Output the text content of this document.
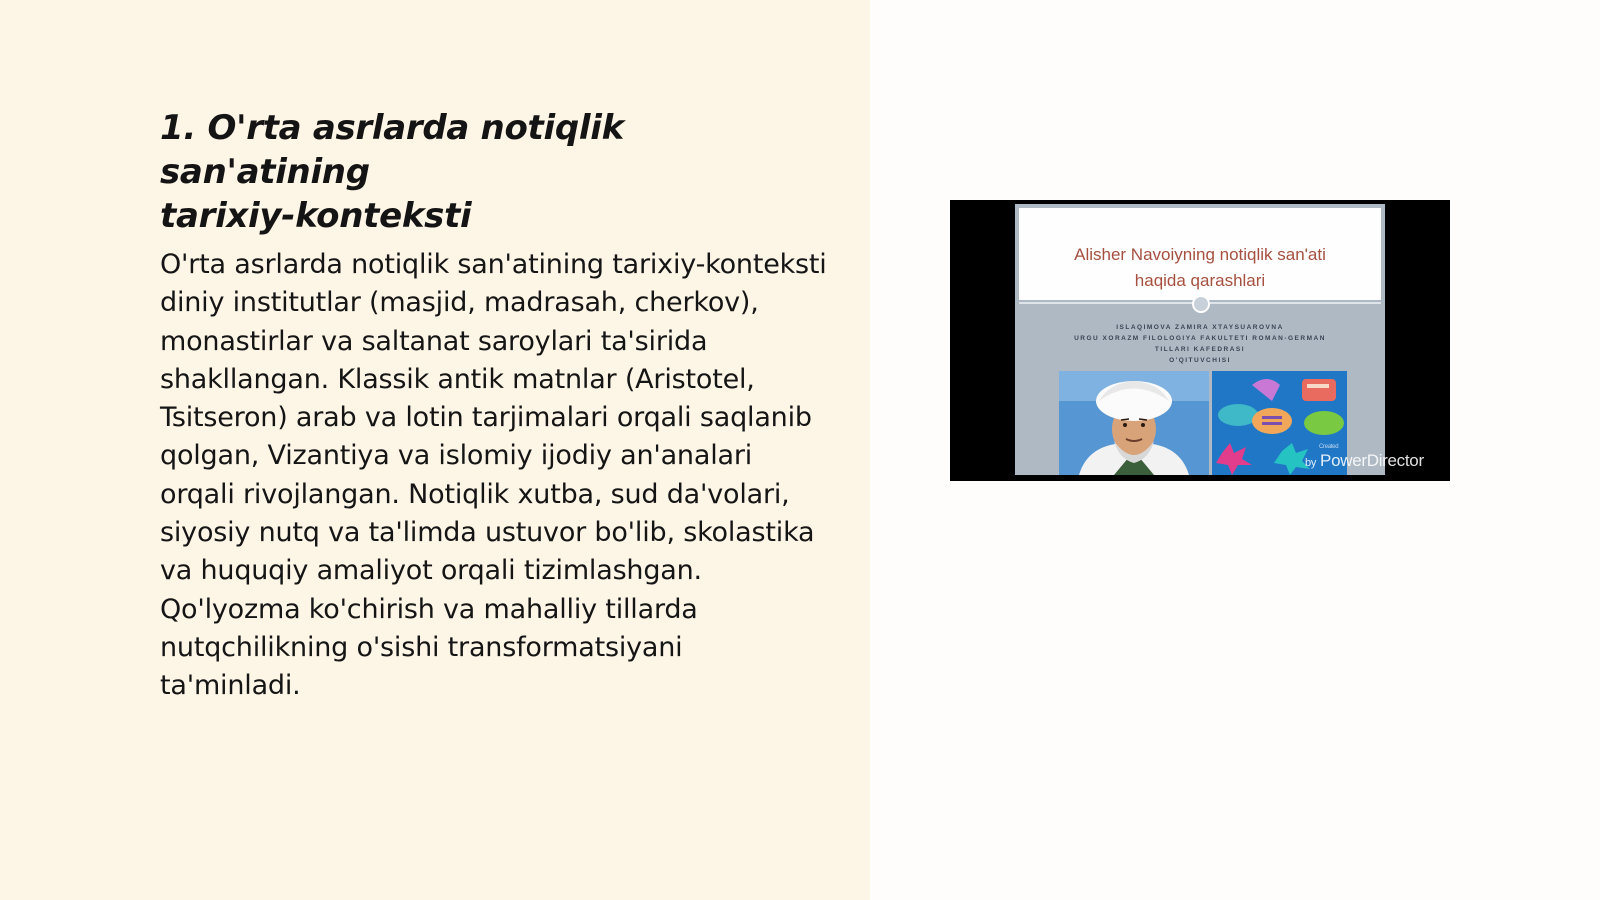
1. O'rta asrlarda notiqlik san'atining
tarixiy-konteksti

O'rta asrlarda notiqlik san'atining tarixiy-konteksti diniy institutlar (masjid, madrasah, cherkov), monastirlar va saltanat saroylari ta'sirida shakllangan. Klassik antik matnlar (Aristotel, Tsitseron) arab va lotin tarjimalari orqali saqlanib qolgan, Vizantiya va islomiy ijodiy an'analari orqali rivojlangan. Notiqlik xutba, sud da'volari, siyosiy nutq va ta'limda ustuvor bo'lib, skolastika va huquqiy amaliyot orqali tizimlashgan. Qo'lyozma ko'chirish va mahalliy tillarda nutqchilikning o'sishi transformatsiyani ta'minladi.

Alisher Navoiyning notiqlik san'ati
haqida qarashlari
ISLAQIMOVA ZAMIRA XTAYSUAROVNA
URGU XORAZM FILOLOGIYA FAKULTETI ROMAN-GERMAN
TILLARI KAFEDRASI
O'QITUVCHISI
Created
by PowerDirector
